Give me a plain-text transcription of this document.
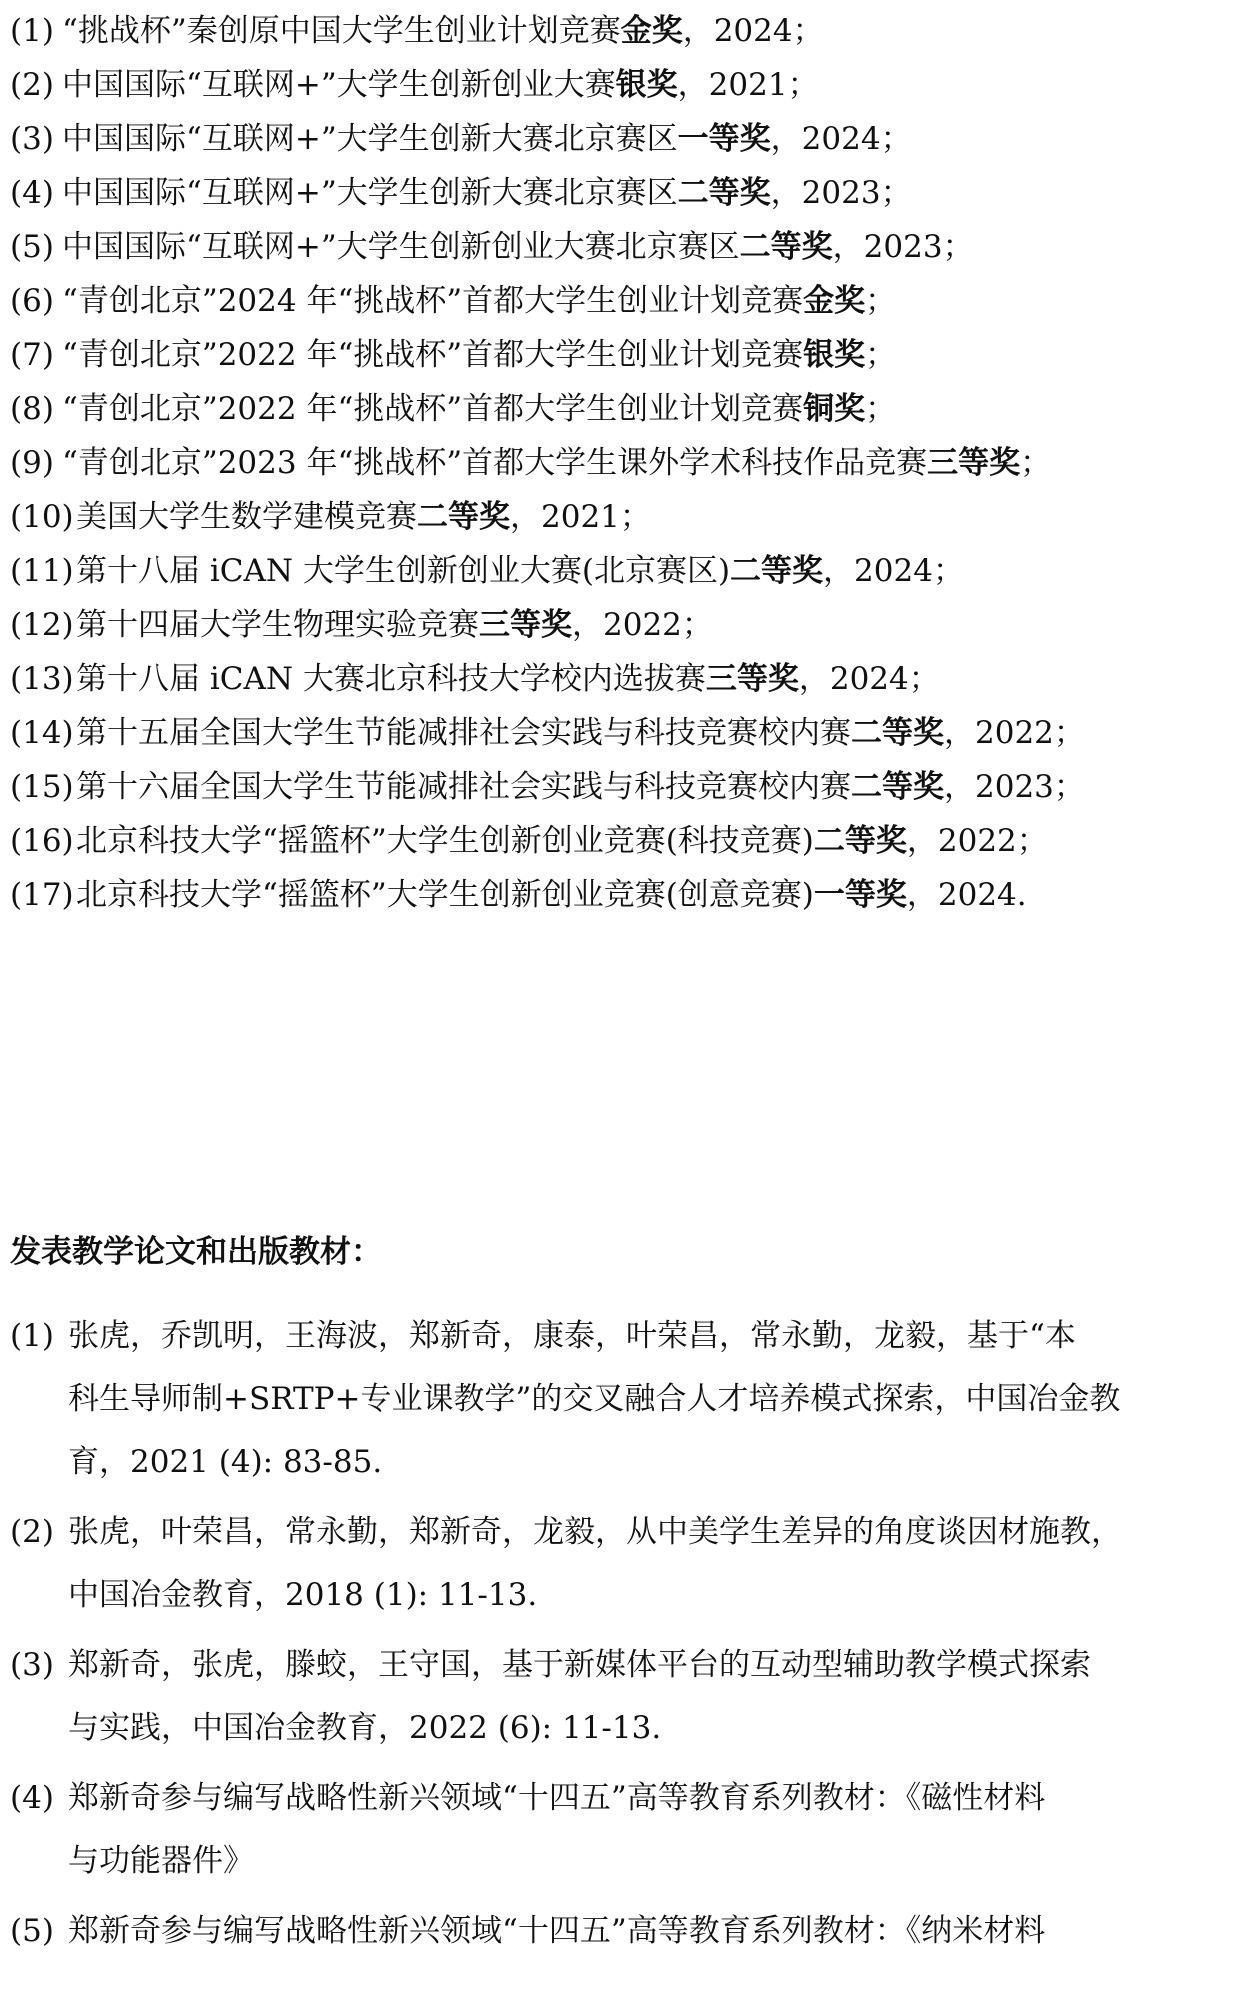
(1) “挑战杯”秦创原中国大学生创业计划竞赛金奖，2024；
(2) 中国国际“互联网+”大学生创新创业大赛银奖，2021；
(3) 中国国际“互联网+”大学生创新大赛北京赛区一等奖，2024；
(4) 中国国际“互联网+”大学生创新大赛北京赛区二等奖，2023；
(5) 中国国际“互联网+”大学生创新创业大赛北京赛区二等奖，2023；
(6) “青创北京”2024 年“挑战杯”首都大学生创业计划竞赛金奖；
(7) “青创北京”2022 年“挑战杯”首都大学生创业计划竞赛银奖；
(8) “青创北京”2022 年“挑战杯”首都大学生创业计划竞赛铜奖；
(9) “青创北京”2023 年“挑战杯”首都大学生课外学术科技作品竞赛三等奖；
(10)美国大学生数学建模竞赛二等奖，2021；
(11)第十八届 iCAN 大学生创新创业大赛(北京赛区)二等奖，2024；
(12)第十四届大学生物理实验竞赛三等奖，2022；
(13)第十八届 iCAN 大赛北京科技大学校内选拔赛三等奖，2024；
(14)第十五届全国大学生节能减排社会实践与科技竞赛校内赛二等奖，2022；
(15)第十六届全国大学生节能减排社会实践与科技竞赛校内赛二等奖，2023；
(16)北京科技大学“摇篮杯”大学生创新创业竞赛(科技竞赛)二等奖，2022；
(17)北京科技大学“摇篮杯”大学生创新创业竞赛(创意竞赛)一等奖，2024.
发表教学论文和出版教材：
(1) 张虎，乔凯明，王海波，郑新奇，康泰，叶荣昌，常永勤，龙毅，基于“本
科生导师制+SRTP+专业课教学”的交叉融合人才培养模式探索，中国冶金教
育，2021 (4): 83-85.
(2) 张虎，叶荣昌，常永勤，郑新奇，龙毅，从中美学生差异的角度谈因材施教，
中国冶金教育，2018 (1): 11-13.
(3) 郑新奇，张虎，滕蛟，王守国，基于新媒体平台的互动型辅助教学模式探索
与实践，中国冶金教育，2022 (6): 11-13.
(4) 郑新奇参与编写战略性新兴领域“十四五”高等教育系列教材：《磁性材料
与功能器件》
(5) 郑新奇参与编写战略性新兴领域“十四五”高等教育系列教材：《纳米材料
